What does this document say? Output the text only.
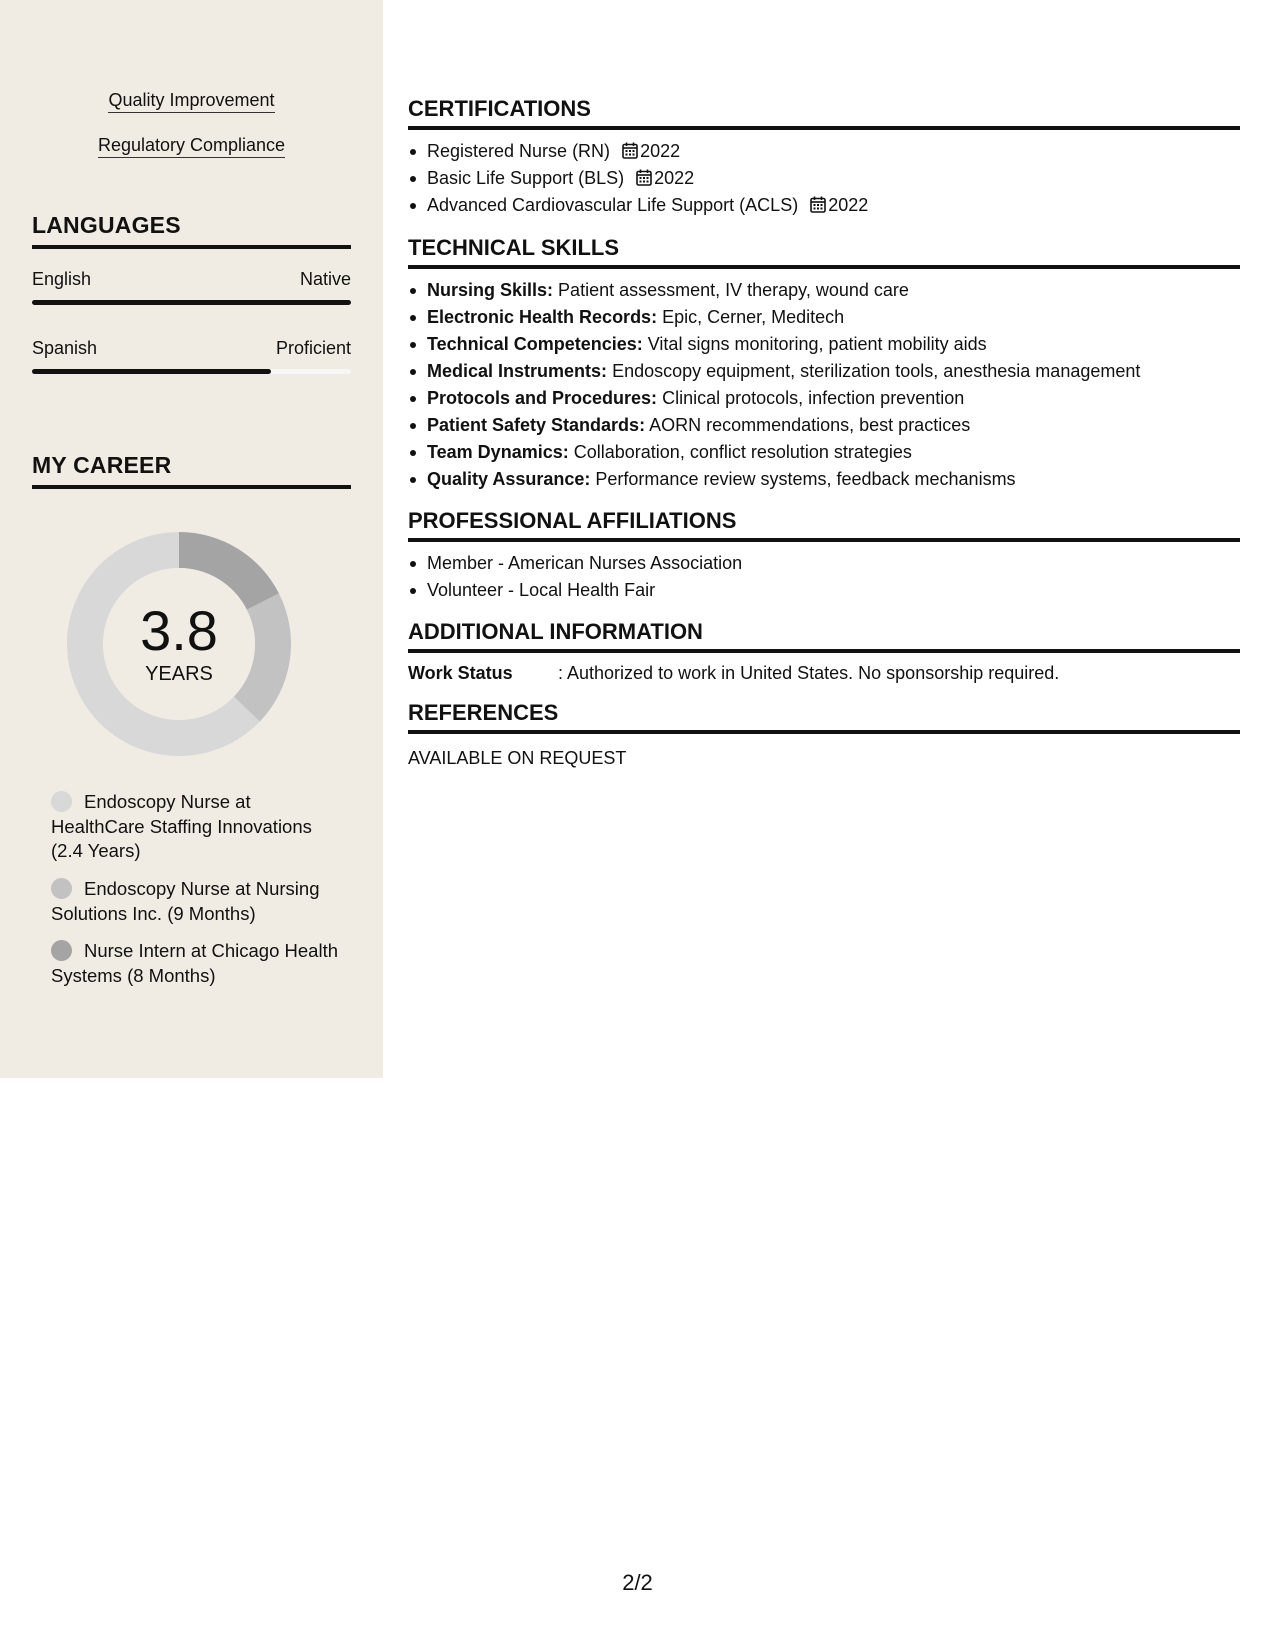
Quality Improvement
Regulatory Compliance
LANGUAGES
English	Native
Spanish	Proficient
MY CAREER
3.8
YEARS
Endoscopy Nurse at HealthCare Staffing Innovations (2.4 Years)
Endoscopy Nurse at Nursing Solutions Inc. (9 Months)
Nurse Intern at Chicago Health Systems (8 Months)
CERTIFICATIONS
Registered Nurse (RN) 2022
Basic Life Support (BLS) 2022
Advanced Cardiovascular Life Support (ACLS) 2022
TECHNICAL SKILLS
Nursing Skills: Patient assessment, IV therapy, wound care
Electronic Health Records: Epic, Cerner, Meditech
Technical Competencies: Vital signs monitoring, patient mobility aids
Medical Instruments: Endoscopy equipment, sterilization tools, anesthesia management
Protocols and Procedures: Clinical protocols, infection prevention
Patient Safety Standards: AORN recommendations, best practices
Team Dynamics: Collaboration, conflict resolution strategies
Quality Assurance: Performance review systems, feedback mechanisms
PROFESSIONAL AFFILIATIONS
Member - American Nurses Association
Volunteer - Local Health Fair
ADDITIONAL INFORMATION
Work Status	: Authorized to work in United States. No sponsorship required.
REFERENCES
AVAILABLE ON REQUEST
2/2
